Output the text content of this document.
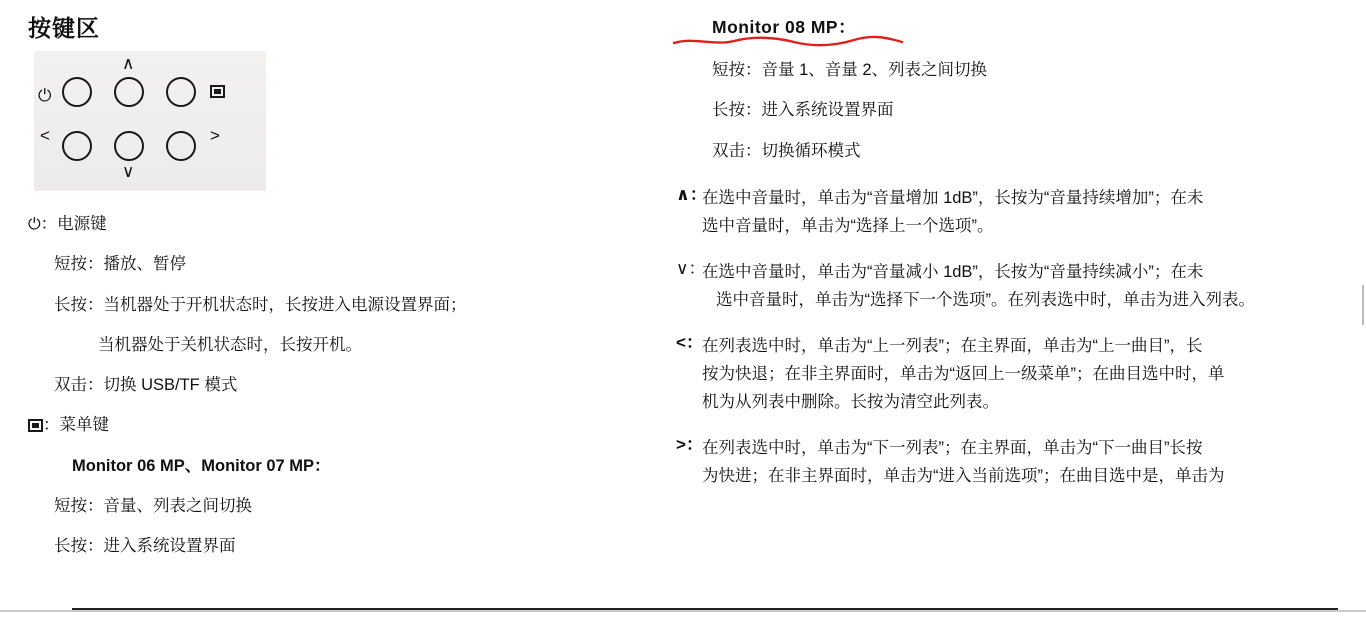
按键区
⏻
∧
<
∨
>
⏻：电源键
短按：播放、暂停
长按：当机器处于开机状态时，长按进入电源设置界面；
当机器处于关机状态时，长按开机。
双击：切换 USB/TF 模式
：菜单键
Monitor 06 MP、Monitor 07 MP：
短按：音量、列表之间切换
长按：进入系统设置界面
Monitor 08 MP：
短按：音量 1、音量 2、列表之间切换
长按：进入系统设置界面
双击：切换循环模式
∧：
在选中音量时，单击为“音量增加 1dB”，长按为“音量持续增加”；在未
选中音量时，单击为“选择上一个选项”。
∨：
在选中音量时，单击为“音量减小 1dB”，长按为“音量持续减小”；在未
选中音量时，单击为“选择下一个选项”。在列表选中时，单击为进入列表。
<： 在列表选中时，单击为“上一列表”；在主界面，单击为“上一曲目”，长
按为快退；在非主界面时，单击为“返回上一级菜单”；在曲目选中时，单
机为从列表中删除。长按为清空此列表。
>： 在列表选中时，单击为“下一列表”；在主界面，单击为“下一曲目”长按
为快进；在非主界面时，单击为“进入当前选项”；在曲目选中是，单击为
